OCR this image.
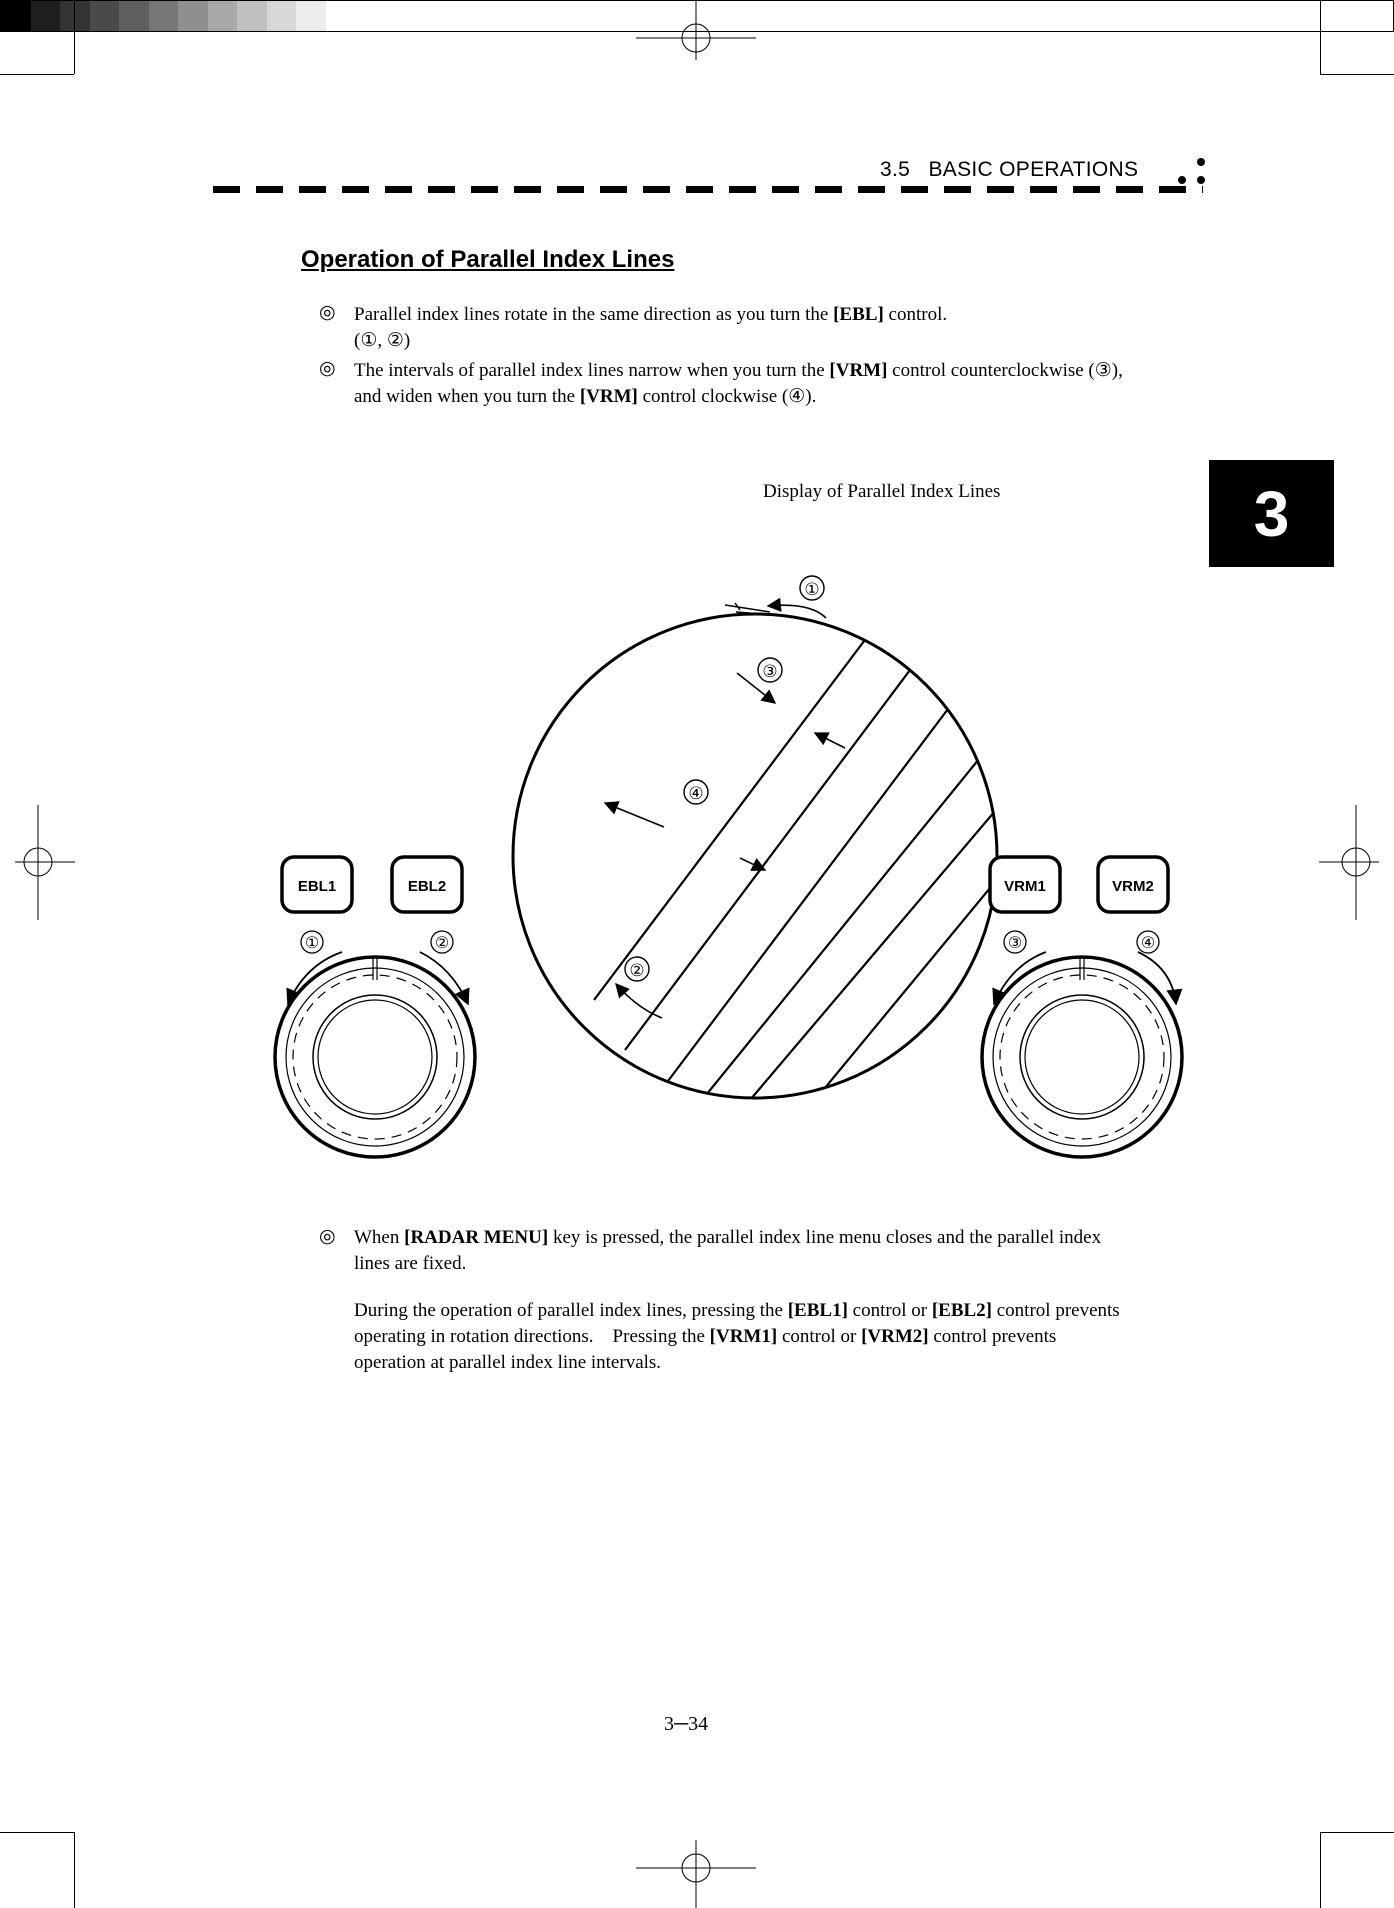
3.5   BASIC OPERATIONS
3
Operation of Parallel Index Lines
◎ Parallel index lines rotate in the same direction as you turn the [EBL] control.
(①, ②)
◎ The intervals of parallel index lines narrow when you turn the [VRM] control counterclockwise (③),
and widen when you turn the [VRM] control clockwise (④).
Display of Parallel Index Lines
①
③
④
②
EBL1	EBL2
①	②
VRM1	VRM2
③	④
◎ When [RADAR MENU] key is pressed, the parallel index line menu closes and the parallel index
lines are fixed.
During the operation of parallel index lines, pressing the [EBL1] control or [EBL2] control prevents
operating in rotation directions.    Pressing the [VRM1] control or [VRM2] control prevents
operation at parallel index line intervals.
3─34
